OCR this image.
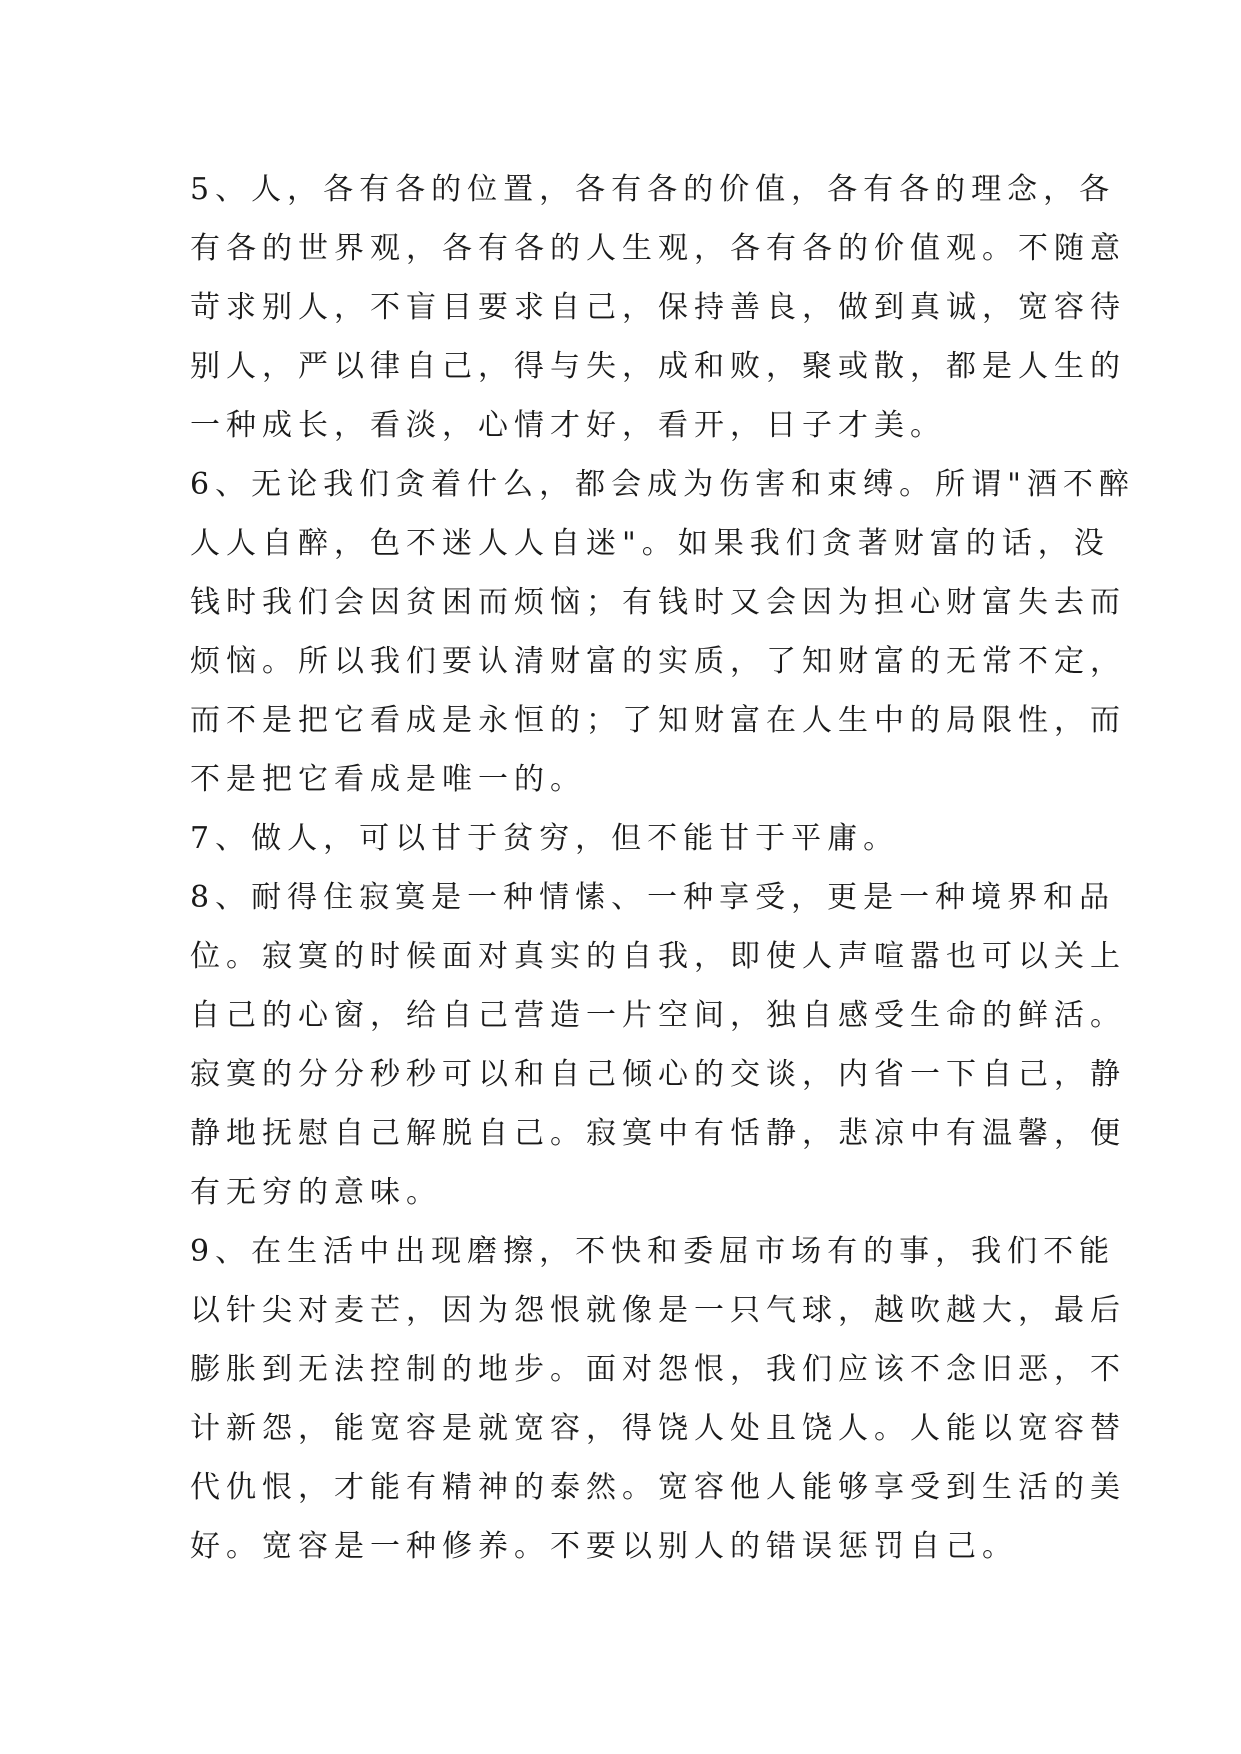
5、人，各有各的位置，各有各的价值，各有各的理念，各
有各的世界观，各有各的人生观，各有各的价值观。不随意
苛求别人，不盲目要求自己，保持善良，做到真诚，宽容待
别人，严以律自己，得与失，成和败，聚或散，都是人生的
一种成长，看淡，心情才好，看开，日子才美。
6、无论我们贪着什么，都会成为伤害和束缚。所谓"酒不醉
人人自醉，色不迷人人自迷"。如果我们贪著财富的话，没
钱时我们会因贫困而烦恼；有钱时又会因为担心财富失去而
烦恼。所以我们要认清财富的实质，了知财富的无常不定，
而不是把它看成是永恒的；了知财富在人生中的局限性，而
不是把它看成是唯一的。
7、做人，可以甘于贫穷，但不能甘于平庸。
8、耐得住寂寞是一种情愫、一种享受，更是一种境界和品
位。寂寞的时候面对真实的自我，即使人声喧嚣也可以关上
自己的心窗，给自己营造一片空间，独自感受生命的鲜活。
寂寞的分分秒秒可以和自己倾心的交谈，内省一下自己，静
静地抚慰自己解脱自己。寂寞中有恬静，悲凉中有温馨，便
有无穷的意味。
9、在生活中出现磨擦，不快和委屈市场有的事，我们不能
以针尖对麦芒，因为怨恨就像是一只气球，越吹越大，最后
膨胀到无法控制的地步。面对怨恨，我们应该不念旧恶，不
计新怨，能宽容是就宽容，得饶人处且饶人。人能以宽容替
代仇恨，才能有精神的泰然。宽容他人能够享受到生活的美
好。宽容是一种修养。不要以别人的错误惩罚自己。
